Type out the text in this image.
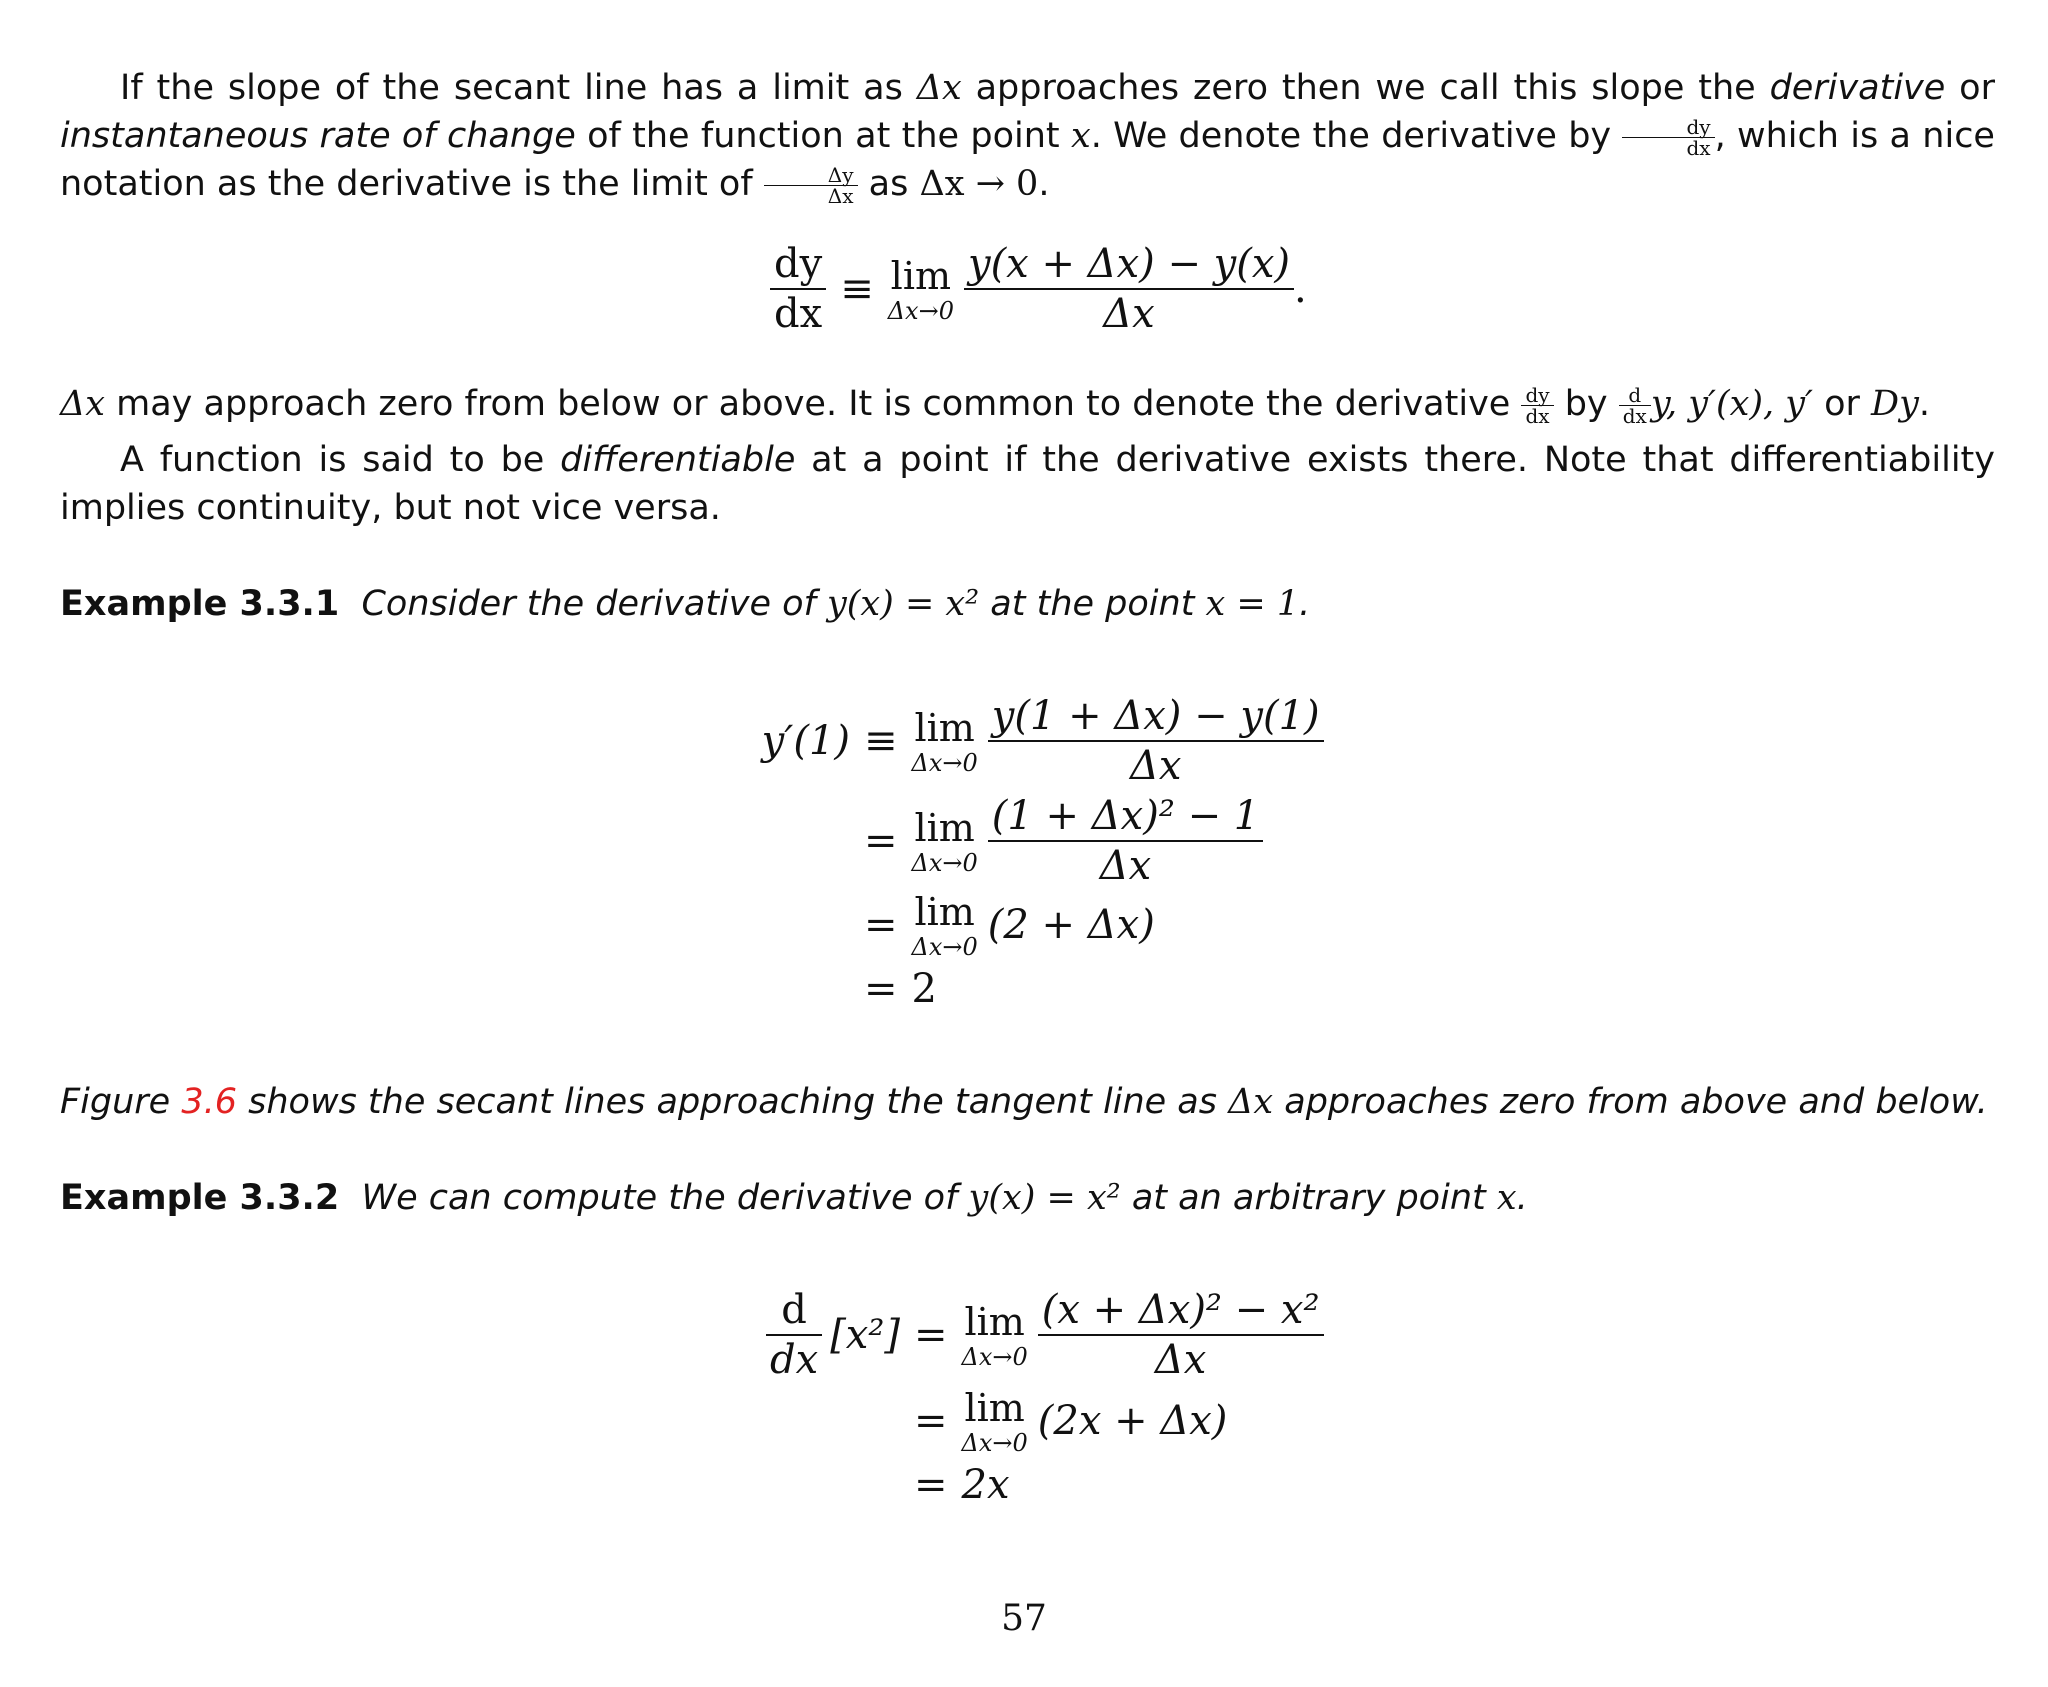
If the slope of the secant line has a limit as Δx approaches zero then we call this slope the derivative or instantaneous rate of change of the function at the point x. We denote the derivative by $\frac{dy}{dx}$ , which is a nice notation as the derivative is the limit of $\frac{\Delta y}{\Delta x}$ as Δx → 0.
$\frac{dy}{dx} \equiv \lim$
$\Delta x\to 0 \frac{y(x + \Delta x) - y(x)}{\Delta x}$ .
Δx may approach zero from below or above. It is common to denote the derivative $\frac{dy}{dx}$ by $\frac{d}{dx} y$, y′(x), y′ or Dy.
A function is said to be differentiable at a point if the derivative exists there. Note that differentiability implies continuity, but not vice versa.
Example 3.3.1 Consider the derivative of y(x) = x² at the point x = 1.
y′(1) ≡ lim
$\Delta x\to 0 \frac{y(1 + \Delta x) - y(1)}{\Delta x}$
= lim
$\Delta x\to 0 \frac{\text{(1 + Δx)² − 1}}{\Delta x}$
= lim
Δx→0 (2 + Δx)
= 2
Figure 3.6 shows the secant lines approaching the tangent line as Δx approaches zero from above and below.
Example 3.3.2 We can compute the derivative of y(x) = x² at an arbitrary point x.
$\frac{d}{dx} [x^2] = \lim$
$\Delta x\to 0 \frac{\text{(x + Δx)² − x²}}{\Delta x}$
= lim
Δx→0 (2x + Δx)
= 2x
57
